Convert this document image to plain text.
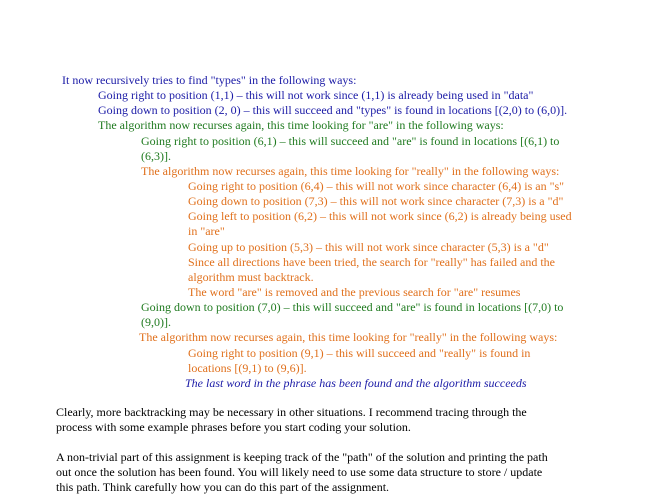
It now recursively tries to find "types" in the following ways:
Going right to position (1,1) – this will not work since (1,1) is already being used in "data"
Going down to position (2, 0) – this will succeed and "types" is found in locations [(2,0) to (6,0)].
The algorithm now recurses again, this time looking for "are" in the following ways:
Going right to position (6,1) – this will succeed and "are" is found in locations [(6,1) to
(6,3)].
The algorithm now recurses again, this time looking for "really" in the following ways:
Going right to position (6,4) – this will not work since character (6,4) is an "s"
Going down to position (7,3) – this will not work since character (7,3) is a "d"
Going left to position (6,2) – this will not work since (6,2) is already being used
in "are"
Going up to position (5,3) – this will not work since character (5,3) is a "d"
Since all directions have been tried, the search for "really" has failed and the
algorithm must backtrack.
The word "are" is removed and the previous search for "are" resumes
Going down to position (7,0) – this will succeed and "are" is found in locations [(7,0) to
(9,0)].
The algorithm now recurses again, this time looking for "really" in the following ways:
Going right to position (9,1) – this will succeed and "really" is found in
locations [(9,1) to (9,6)].
The last word in the phrase has been found and the algorithm succeeds
Clearly, more backtracking may be necessary in other situations. I recommend tracing through the
process with some example phrases before you start coding your solution.
A non-trivial part of this assignment is keeping track of the "path" of the solution and printing the path
out once the solution has been found. You will likely need to use some data structure to store / update
this path. Think carefully how you can do this part of the assignment.
